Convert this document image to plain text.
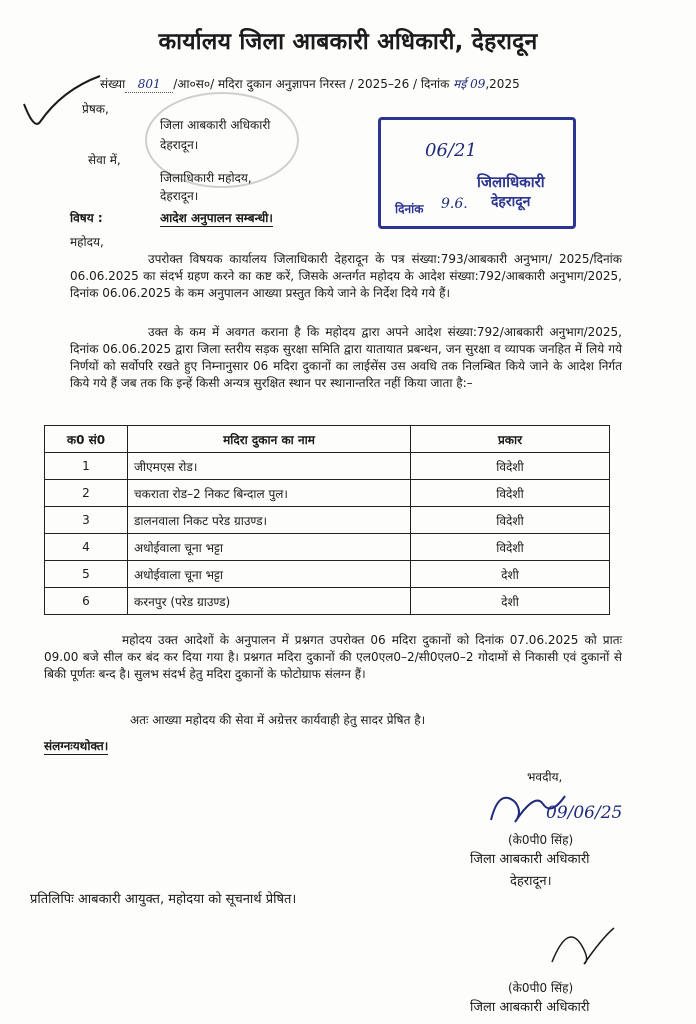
कार्यालय जिला आबकारी अधिकारी, देहरादून
संख्या 801 /आ०स०/ मदिरा दुकान अनुज्ञापन निरस्त / 2025–26 / दिनांक मई 09,2025
प्रेषक,
जिला आबकारी अधिकारी
देहरादून।
सेवा में,
जिलाधिकारी महोदय,
देहरादून।
06/21
जिलाधिकारी
देहरादून
दिनांक 9.6.
विषय :	आदेश अनुपालन सम्बन्धी।
महोदय,
उपरोक्त विषयक कार्यालय जिलाधिकारी देहरादून के पत्र संख्या:793/आबकारी अनुभाग/ 2025/दिनांक 06.06.2025 का संदर्भ ग्रहण करने का कष्ट करें, जिसके अन्तर्गत महोदय के आदेश संख्या:792/आबकारी अनुभाग/2025, दिनांक 06.06.2025 के कम अनुपालन आख्या प्रस्तुत किये जाने के निर्देश दिये गये हैं।
उक्त के कम में अवगत कराना है कि महोदय द्वारा अपने आदेश संख्या:792/आबकारी अनुभाग/2025, दिनांक 06.06.2025 द्वारा जिला स्तरीय सड़क सुरक्षा समिति द्वारा यातायात प्रबन्धन, जन सुरक्षा व व्यापक जनहित में लिये गये निर्णयों को सर्वोपरि रखते हुए निम्नानुसार 06 मदिरा दुकानों का लाईसेंस उस अवधि तक निलम्बित किये जाने के आदेश निर्गत किये गये हैं जब तक कि इन्हें किसी अन्यत्र सुरक्षित स्थान पर स्थानान्तरित नहीं किया जाता है:–
क0 सं0	मदिरा दुकान का नाम	प्रकार
1	जीएमएस रोड।	विदेशी
2	चकराता रोड–2 निकट बिन्दाल पुल।	विदेशी
3	डालनवाला निकट परेड ग्राउण्ड।	विदेशी
4	अधोईवाला चूना भट्टा	विदेशी
5	अधोईवाला चूना भट्टा	देशी
6	करनपुर (परेड ग्राउण्ड)	देशी
महोदय उक्त आदेशों के अनुपालन में प्रश्नगत उपरोक्त 06 मदिरा दुकानों को दिनांक 07.06.2025 को प्रातः 09.00 बजे सील कर बंद कर दिया गया है। प्रश्नगत मदिरा दुकानों की एल0एल0–2/सी0एल0–2 गोदामों से निकासी एवं दुकानों से बिकी पूर्णतः बन्द है। सुलभ संदर्भ हेतु मदिरा दुकानों के फोटोग्राफ संलग्न हैं।
अतः आख्या महोदय की सेवा में अग्रेत्तर कार्यवाही हेतु सादर प्रेषित है।
संलग्नःयथोक्त।
भवदीय,
09/06/25
(के0पी0 सिंह)
जिला आबकारी अधिकारी
देहरादून।
प्रतिलिपिः आबकारी आयुक्त, महोदया को सूचनार्थ प्रेषित।
(के0पी0 सिंह)
जिला आबकारी अधिकारी
